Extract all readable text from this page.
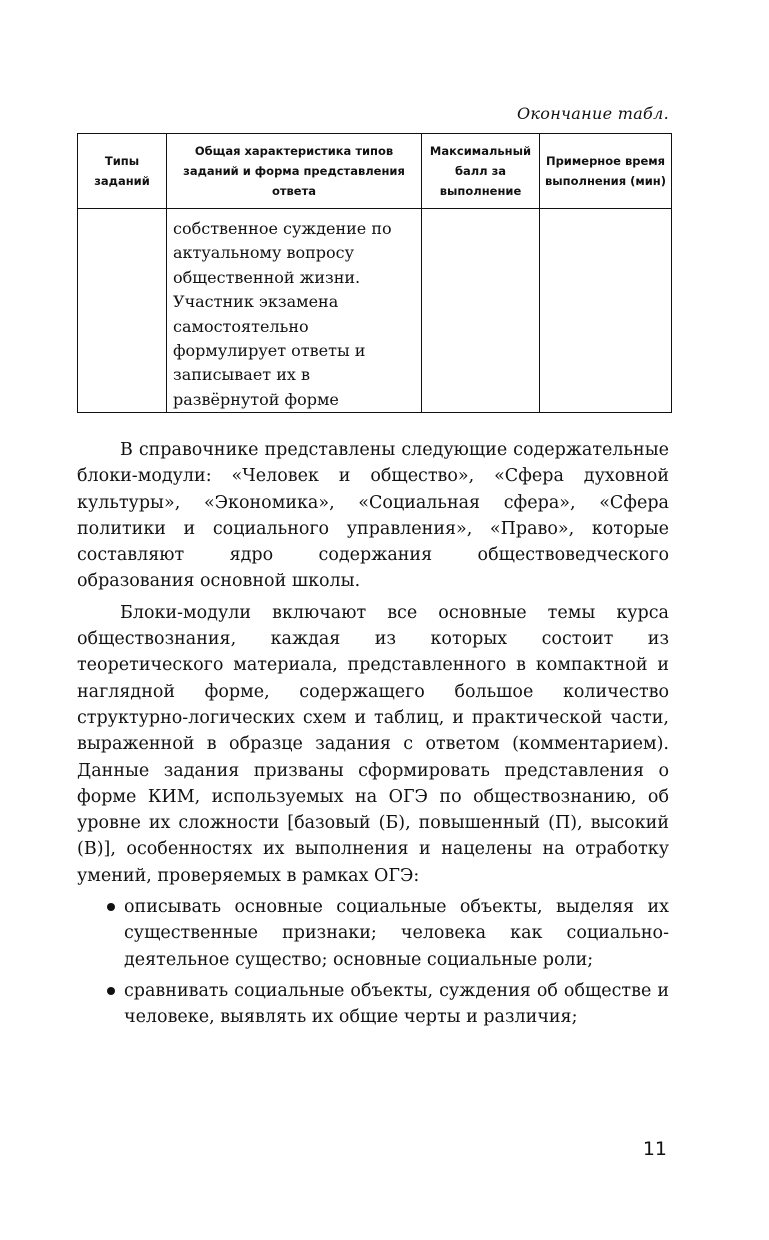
Окончание табл.
Типы заданий	Общая характеристика типов заданий и форма представления ответа	Максимальный балл за выполнение	Примерное время выполнения (мин)
	собственное суждение по актуальному вопросу общественной жизни. Участник экзамена самостоятельно формулирует ответы и записывает их в развёрнутой форме		

В справочнике представлены следующие содержательные блоки-модули: «Человек и общество», «Сфера духовной культуры», «Экономика», «Социальная сфера», «Сфера политики и социального управления», «Право», которые составляют ядро содержания обществоведческого образования основной школы.

Блоки-модули включают все основные темы курса обществознания, каждая из которых состоит из теоретического материала, представленного в компактной и наглядной форме, содержащего большое количество структурно-логических схем и таблиц, и практической части, выраженной в образце задания с ответом (комментарием). Данные задания призваны сформировать представления о форме КИМ, используемых на ОГЭ по обществознанию, об уровне их сложности [базовый (Б), повышенный (П), высокий (В)], особенностях их выполнения и нацелены на отработку умений, проверяемых в рамках ОГЭ:

описывать основные социальные объекты, выделяя их существенные признаки; человека как социально-деятельное существо; основные социальные роли;
сравнивать социальные объекты, суждения об обществе и человеке, выявлять их общие черты и различия;
11
